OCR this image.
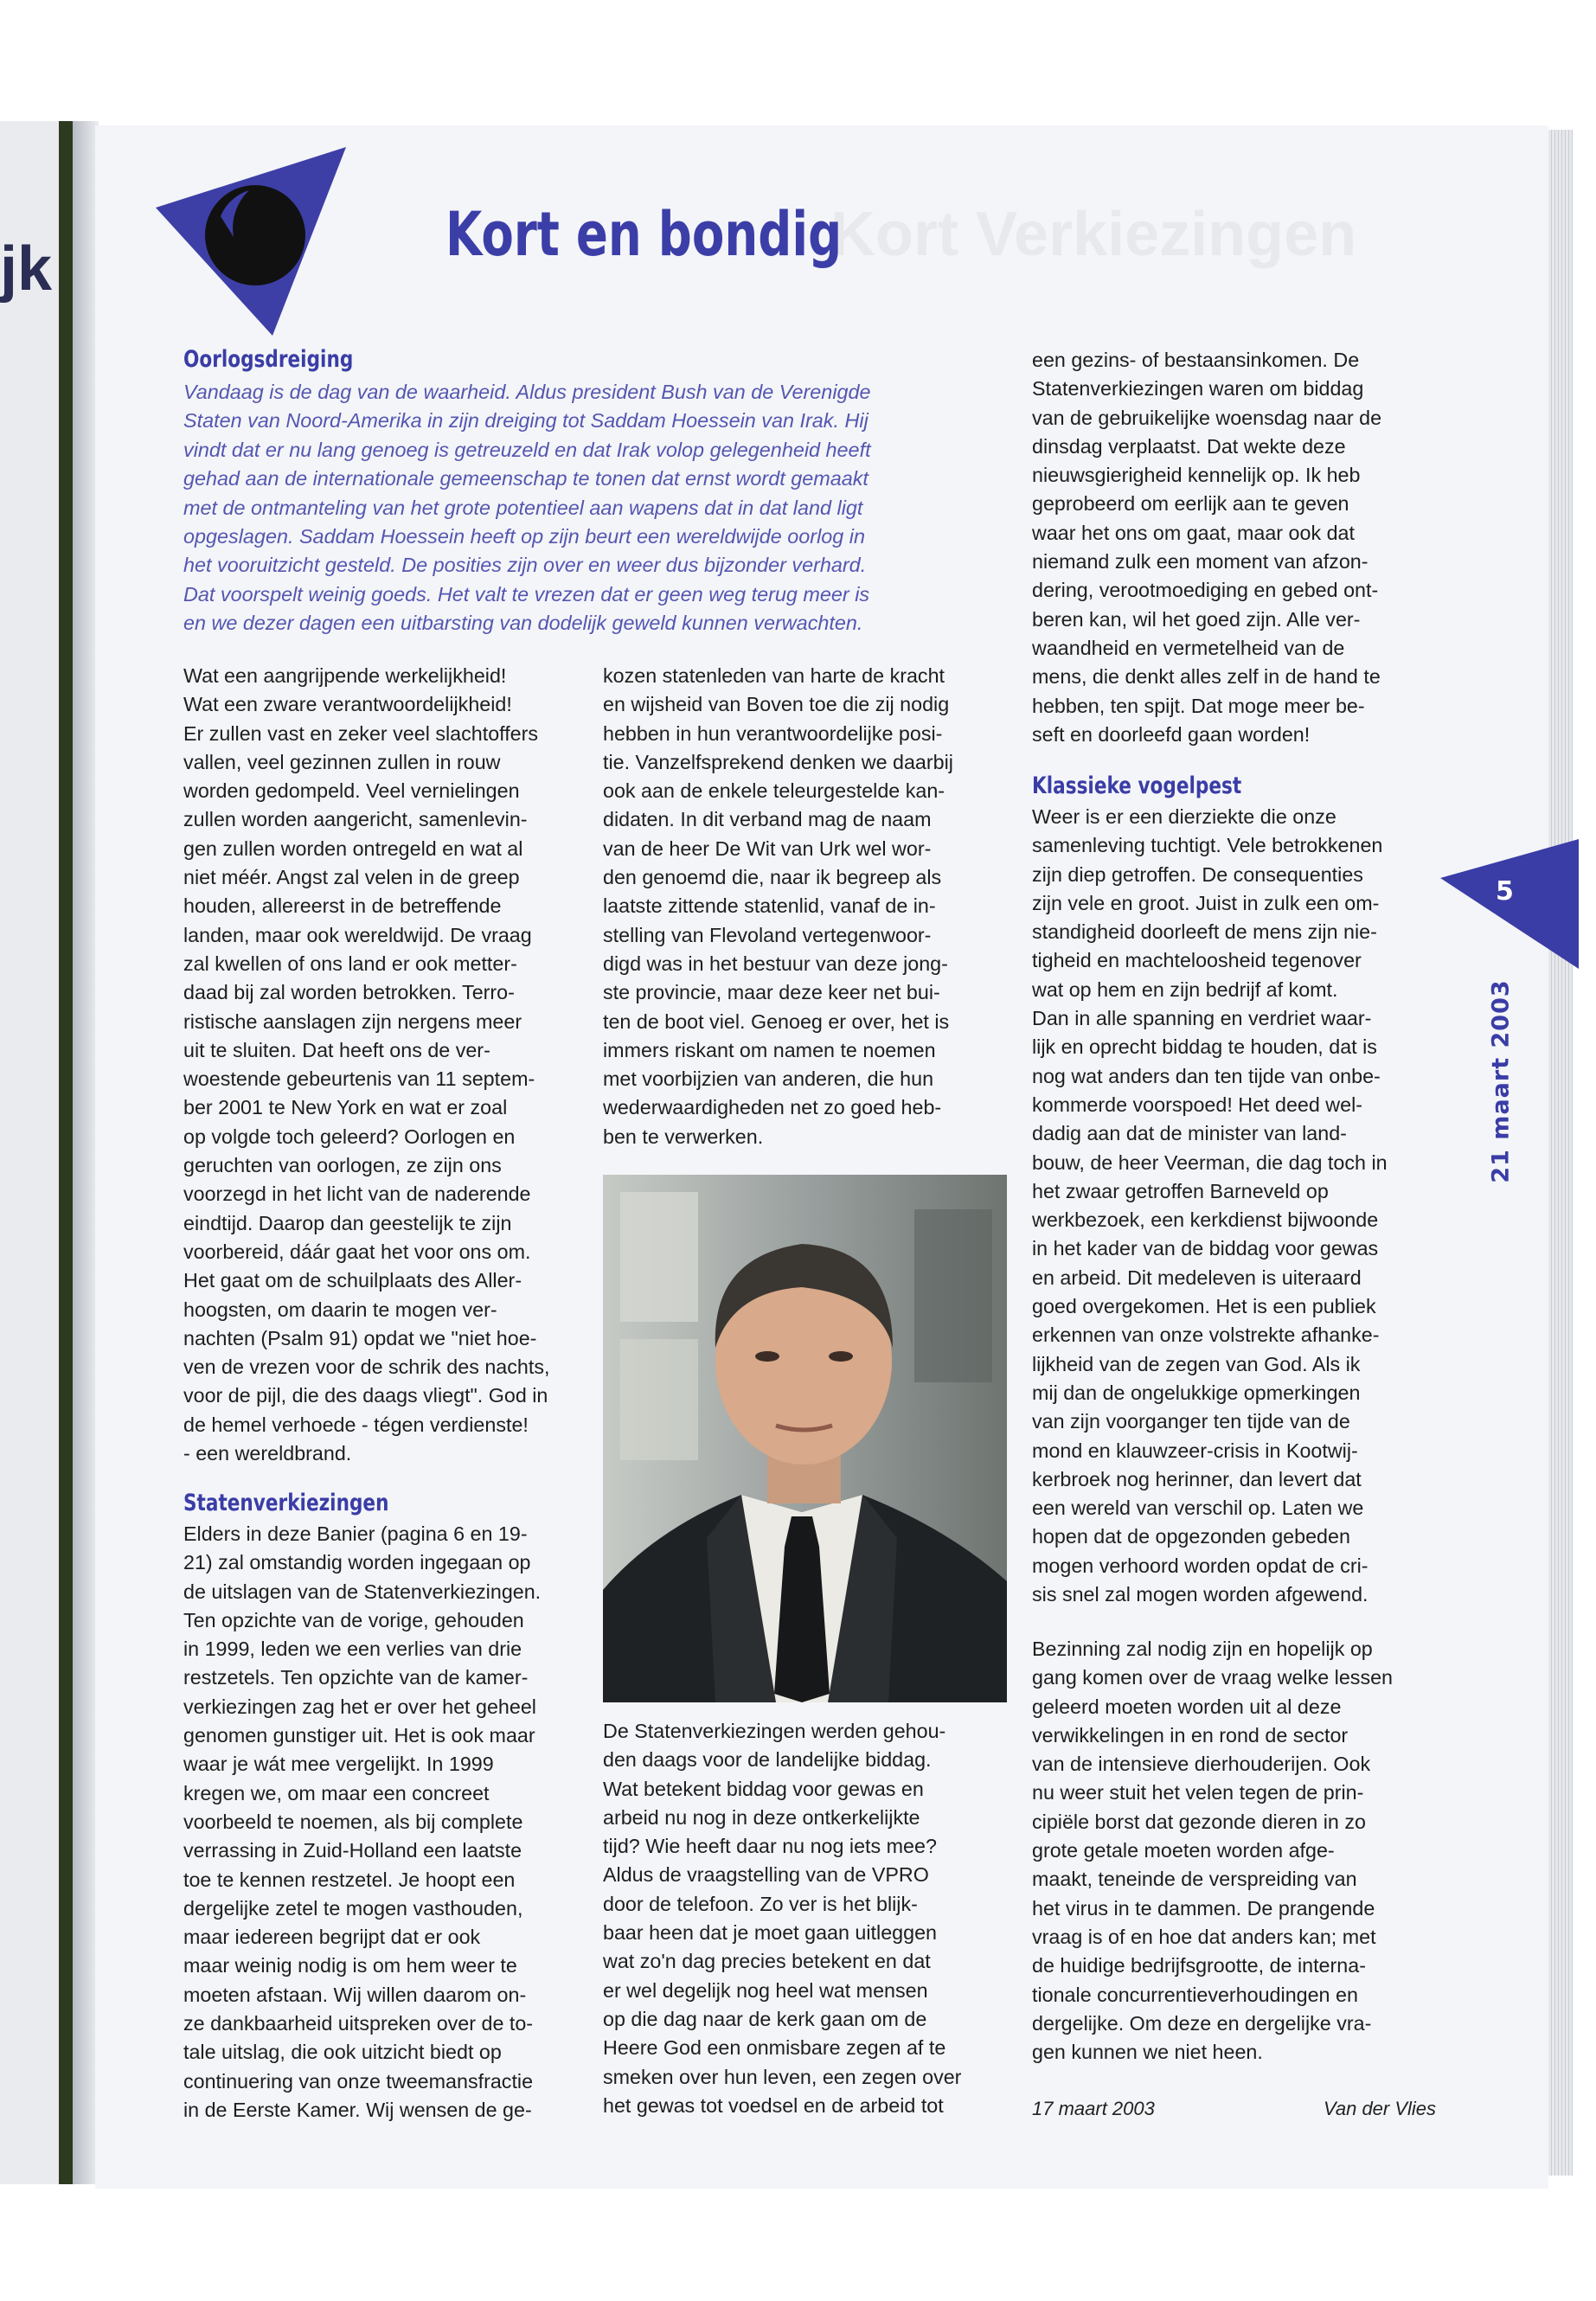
jk	Kort Verkiezingen
Kort en bondig
Oorlogsdreiging
Vandaag is de dag van de waarheid. Aldus president Bush van de Verenigde
Staten van Noord-Amerika in zijn dreiging tot Saddam Hoessein van Irak. Hij
vindt dat er nu lang genoeg is getreuzeld en dat Irak volop gelegenheid heeft
gehad aan de internationale gemeenschap te tonen dat ernst wordt gemaakt
met de ontmanteling van het grote potentieel aan wapens dat in dat land ligt
opgeslagen. Saddam Hoessein heeft op zijn beurt een wereldwijde oorlog in
het vooruitzicht gesteld. De posities zijn over en weer dus bijzonder verhard.
Dat voorspelt weinig goeds. Het valt te vrezen dat er geen weg terug meer is
en we dezer dagen een uitbarsting van dodelijk geweld kunnen verwachten.
Wat een aangrijpende werkelijkheid!
Wat een zware verantwoordelijkheid!
Er zullen vast en zeker veel slachtoffers
vallen, veel gezinnen zullen in rouw
worden gedompeld. Veel vernielingen
zullen worden aangericht, samenlevin-
gen zullen worden ontregeld en wat al
niet méér. Angst zal velen in de greep
houden, allereerst in de betreffende
landen, maar ook wereldwijd. De vraag
zal kwellen of ons land er ook metter-
daad bij zal worden betrokken. Terro-
ristische aanslagen zijn nergens meer
uit te sluiten. Dat heeft ons de ver-
woestende gebeurtenis van 11 septem-
ber 2001 te New York en wat er zoal
op volgde toch geleerd? Oorlogen en
geruchten van oorlogen, ze zijn ons
voorzegd in het licht van de naderende
eindtijd. Daarop dan geestelijk te zijn
voorbereid, dáár gaat het voor ons om.
Het gaat om de schuilplaats des Aller-
hoogsten, om daarin te mogen ver-
nachten (Psalm 91) opdat we "niet hoe-
ven de vrezen voor de schrik des nachts,
voor de pijl, die des daags vliegt". God in
de hemel verhoede - tégen verdienste!
- een wereldbrand.
Statenverkiezingen
Elders in deze Banier (pagina 6 en 19-
21) zal omstandig worden ingegaan op
de uitslagen van de Statenverkiezingen.
Ten opzichte van de vorige, gehouden
in 1999, leden we een verlies van drie
restzetels. Ten opzichte van de kamer-
verkiezingen zag het er over het geheel
genomen gunstiger uit. Het is ook maar
waar je wát mee vergelijkt. In 1999
kregen we, om maar een concreet
voorbeeld te noemen, als bij complete
verrassing in Zuid-Holland een laatste
toe te kennen restzetel. Je hoopt een
dergelijke zetel te mogen vasthouden,
maar iedereen begrijpt dat er ook
maar weinig nodig is om hem weer te
moeten afstaan. Wij willen daarom on-
ze dankbaarheid uitspreken over de to-
tale uitslag, die ook uitzicht biedt op
continuering van onze tweemansfractie
in de Eerste Kamer. Wij wensen de ge-
kozen statenleden van harte de kracht
en wijsheid van Boven toe die zij nodig
hebben in hun verantwoordelijke posi-
tie. Vanzelfsprekend denken we daarbij
ook aan de enkele teleurgestelde kan-
didaten. In dit verband mag de naam
van de heer De Wit van Urk wel wor-
den genoemd die, naar ik begreep als
laatste zittende statenlid, vanaf de in-
stelling van Flevoland vertegenwoor-
digd was in het bestuur van deze jong-
ste provincie, maar deze keer net bui-
ten de boot viel. Genoeg er over, het is
immers riskant om namen te noemen
met voorbijzien van anderen, die hun
wederwaardigheden net zo goed heb-
ben te verwerken.
De Statenverkiezingen werden gehou-
den daags voor de landelijke biddag.
Wat betekent biddag voor gewas en
arbeid nu nog in deze ontkerkelijkte
tijd? Wie heeft daar nu nog iets mee?
Aldus de vraagstelling van de VPRO
door de telefoon. Zo ver is het blijk-
baar heen dat je moet gaan uitleggen
wat zo'n dag precies betekent en dat
er wel degelijk nog heel wat mensen
op die dag naar de kerk gaan om de
Heere God een onmisbare zegen af te
smeken over hun leven, een zegen over
het gewas tot voedsel en de arbeid tot
een gezins- of bestaansinkomen. De
Statenverkiezingen waren om biddag
van de gebruikelijke woensdag naar de
dinsdag verplaatst. Dat wekte deze
nieuwsgierigheid kennelijk op. Ik heb
geprobeerd om eerlijk aan te geven
waar het ons om gaat, maar ook dat
niemand zulk een moment van afzon-
dering, verootmoediging en gebed ont-
beren kan, wil het goed zijn. Alle ver-
waandheid en vermetelheid van de
mens, die denkt alles zelf in de hand te
hebben, ten spijt. Dat moge meer be-
seft en doorleefd gaan worden!
Klassieke vogelpest
Weer is er een dierziekte die onze
samenleving tuchtigt. Vele betrokkenen
zijn diep getroffen. De consequenties
zijn vele en groot. Juist in zulk een om-
standigheid doorleeft de mens zijn nie-
tigheid en machteloosheid tegenover
wat op hem en zijn bedrijf af komt.
Dan in alle spanning en verdriet waar-
lijk en oprecht biddag te houden, dat is
nog wat anders dan ten tijde van onbe-
kommerde voorspoed! Het deed wel-
dadig aan dat de minister van land-
bouw, de heer Veerman, die dag toch in
het zwaar getroffen Barneveld op
werkbezoek, een kerkdienst bijwoonde
in het kader van de biddag voor gewas
en arbeid. Dit medeleven is uiteraard
goed overgekomen. Het is een publiek
erkennen van onze volstrekte afhanke-
lijkheid van de zegen van God. Als ik
mij dan de ongelukkige opmerkingen
van zijn voorganger ten tijde van de
mond en klauwzeer-crisis in Kootwij-
kerbroek nog herinner, dan levert dat
een wereld van verschil op. Laten we
hopen dat de opgezonden gebeden
mogen verhoord worden opdat de cri-
sis snel zal mogen worden afgewend.
Bezinning zal nodig zijn en hopelijk op
gang komen over de vraag welke lessen
geleerd moeten worden uit al deze
verwikkelingen in en rond de sector
van de intensieve dierhouderijen. Ook
nu weer stuit het velen tegen de prin-
cipiële borst dat gezonde dieren in zo
grote getale moeten worden afge-
maakt, teneinde de verspreiding van
het virus in te dammen. De prangende
vraag is of en hoe dat anders kan; met
de huidige bedrijfsgrootte, de interna-
tionale concurrentieverhoudingen en
dergelijke. Om deze en dergelijke vra-
gen kunnen we niet heen.
5
21 maart 2003
17 maart 2003	Van der Vlies
